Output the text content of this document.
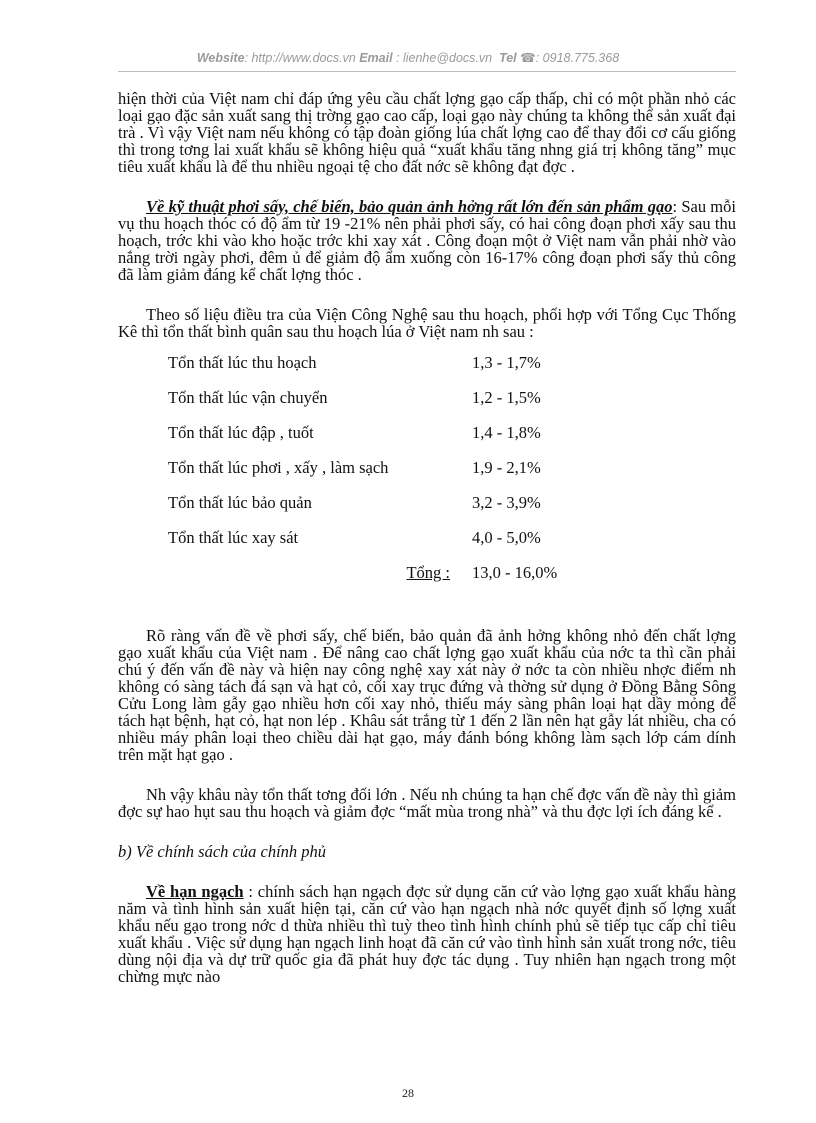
Website: http://www.docs.vn Email : lienhe@docs.vn Tel ☎: 0918.775.368

hiện thời của Việt nam chỉ đáp ứng yêu cầu chất lợng gạo cấp thấp, chỉ có một phần nhỏ các loại gạo đặc sản xuất sang thị trờng gạo cao cấp, loại gạo này chúng ta không thể sản xuất đại trà . Vì vậy Việt nam nếu không có tập đoàn giống lúa chất lợng cao để thay đổi cơ cấu giống thì trong tơng lai xuất khẩu sẽ không hiệu quả “xuất khẩu tăng nhng giá trị không tăng” mục tiêu xuất khẩu là để thu nhiều ngoại tệ cho đất nớc sẽ không đạt đợc .

Về kỹ thuật phơi sấy, chế biến, bảo quản ảnh hởng rất lớn đến sản phẩm gạo: Sau mỗi vụ thu hoạch thóc có độ ẩm từ 19 -21% nên phải phơi sấy, có hai công đoạn phơi xấy sau thu hoạch, trớc khi vào kho hoặc trớc khi xay xát . Công đoạn một ở Việt nam vẫn phải nhờ vào nắng trời ngày phơi, đêm ủ để giảm độ ẩm xuống còn 16-17% công đoạn phơi sấy thủ công đã làm giảm đáng kể chất lợng thóc .

Theo số liệu điều tra của Viện Công Nghệ sau thu hoạch, phối hợp với Tổng Cục Thống Kê thì tổn thất bình quân sau thu hoạch lúa ở Việt nam nh sau :

Tổn thất lúc thu hoạch	1,3 - 1,7%
Tổn thất lúc vận chuyển	1,2 - 1,5%
Tổn thất lúc đập , tuốt	1,4 - 1,8%
Tổn thất lúc phơi , xấy , làm sạch	1,9 - 2,1%
Tổn thất lúc bảo quản	3,2 - 3,9%
Tổn thất lúc xay sát	4,0 - 5,0%
Tổng :	13,0 - 16,0%

Rõ ràng vấn đề về phơi sấy, chế biến, bảo quản đã ảnh hởng không nhỏ đến chất lợng gạo xuất khẩu của Việt nam . Để nâng cao chất lợng gạo xuất khẩu của nớc ta thì cần phải chú ý đến vấn đề này và hiện nay công nghệ xay xát này ở nớc ta còn nhiều nhợc điểm nh không có sàng tách đá sạn và hạt cỏ, cối xay trục đứng và thờng sử dụng ở Đồng Bằng Sông Cửu Long làm gẫy gạo nhiều hơn cối xay nhỏ, thiếu máy sàng phân loại hạt dầy mỏng để tách hạt bệnh, hạt cỏ, hạt non lép . Khâu sát trắng từ 1 đến 2 lần nên hạt gẫy lát nhiều, cha có nhiều máy phân loại theo chiều dài hạt gạo, máy đánh bóng không làm sạch lớp cám dính trên mặt hạt gạo .

Nh vậy khâu này tổn thất tơng đối lớn . Nếu nh chúng ta hạn chế đợc vấn đề này thì giảm đợc sự hao hụt sau thu hoạch và giảm đợc “mất mùa trong nhà” và thu đợc lợi ích đáng kể .

b) Về chính sách của chính phủ

Về hạn ngạch : chính sách hạn ngạch đợc sử dụng căn cứ vào lợng gạo xuất khẩu hàng năm và tình hình sản xuất hiện tại, căn cứ vào hạn ngạch nhà nớc quyết định số lợng xuất khẩu nếu gạo trong nớc d thừa nhiều thì tuỳ theo tình hình chính phủ sẽ tiếp tục cấp chỉ tiêu xuất khẩu . Việc sử dụng hạn ngạch linh hoạt đã căn cứ vào tình hình sản xuất trong nớc, tiêu dùng nội địa và dự trữ quốc gia đã phát huy đợc tác dụng . Tuy nhiên hạn ngạch trong một chừng mực nào

28
